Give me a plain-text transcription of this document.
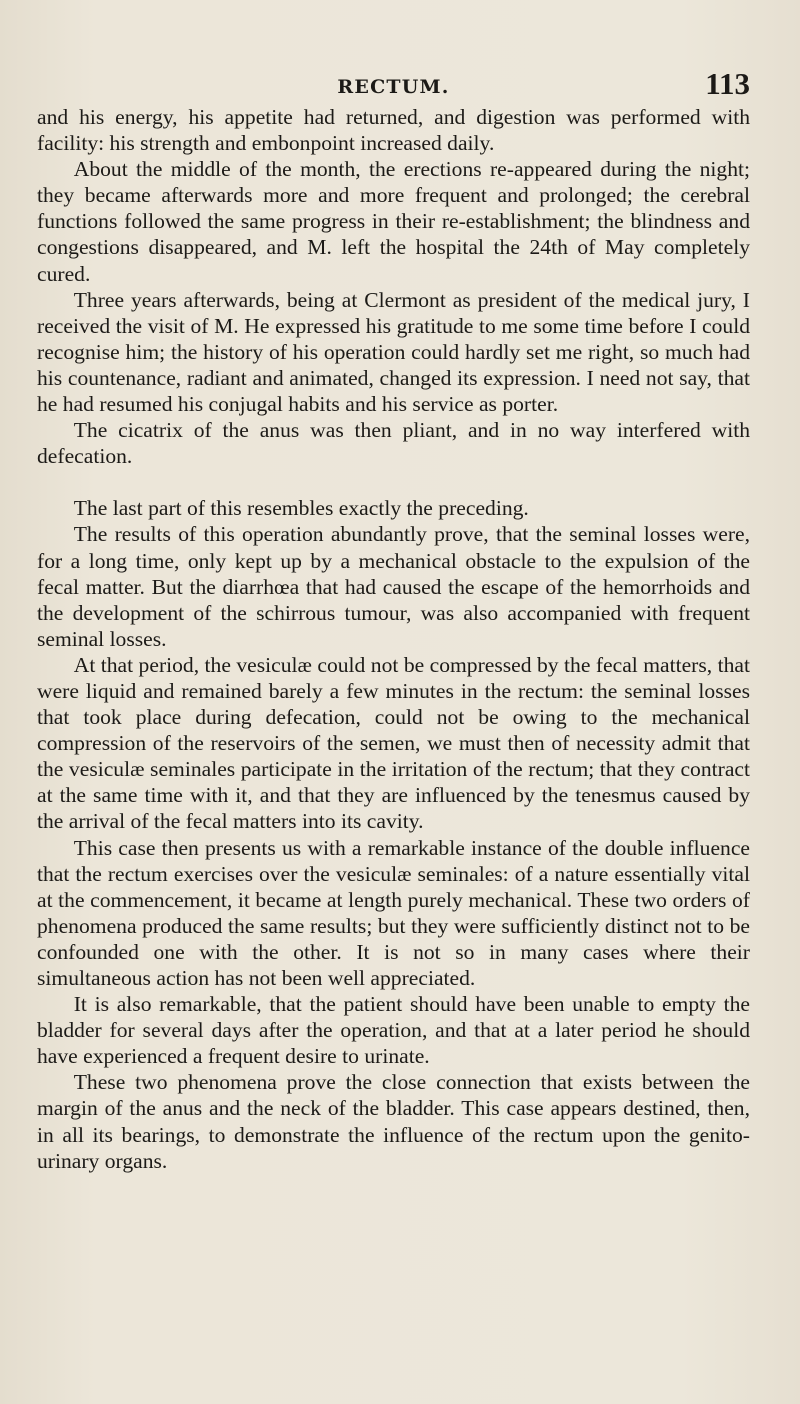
RECTUM.	113

and his energy, his appetite had returned, and digestion was performed with facility: his strength and embonpoint increased daily.

About the middle of the month, the erections re-appeared during the night; they became afterwards more and more frequent and prolonged; the cerebral functions followed the same progress in their re-establishment; the blindness and congestions disappeared, and M. left the hospital the 24th of May completely cured.

Three years afterwards, being at Clermont as president of the medical jury, I received the visit of M. He expressed his gratitude to me some time before I could recognise him; the history of his operation could hardly set me right, so much had his countenance, radiant and animated, changed its expression. I need not say, that he had resumed his conjugal habits and his service as porter.

The cicatrix of the anus was then pliant, and in no way interfered with defecation.

The last part of this resembles exactly the preceding.

The results of this operation abundantly prove, that the seminal losses were, for a long time, only kept up by a mechanical obstacle to the expulsion of the fecal matter. But the diarrhœa that had caused the escape of the hemorrhoids and the development of the schirrous tumour, was also accompanied with frequent seminal losses.

At that period, the vesiculæ could not be compressed by the fecal matters, that were liquid and remained barely a few minutes in the rectum: the seminal losses that took place during defecation, could not be owing to the mechanical compression of the reservoirs of the semen, we must then of necessity admit that the vesiculæ seminales participate in the irritation of the rectum; that they contract at the same time with it, and that they are influenced by the tenesmus caused by the arrival of the fecal matters into its cavity.

This case then presents us with a remarkable instance of the double influence that the rectum exercises over the vesiculæ seminales: of a nature essentially vital at the commencement, it became at length purely mechanical. These two orders of phenomena produced the same results; but they were sufficiently distinct not to be confounded one with the other. It is not so in many cases where their simultaneous action has not been well appreciated.

It is also remarkable, that the patient should have been unable to empty the bladder for several days after the operation, and that at a later period he should have experienced a frequent desire to urinate.

These two phenomena prove the close connection that exists between the margin of the anus and the neck of the bladder. This case appears destined, then, in all its bearings, to demonstrate the influence of the rectum upon the genito-urinary organs.
